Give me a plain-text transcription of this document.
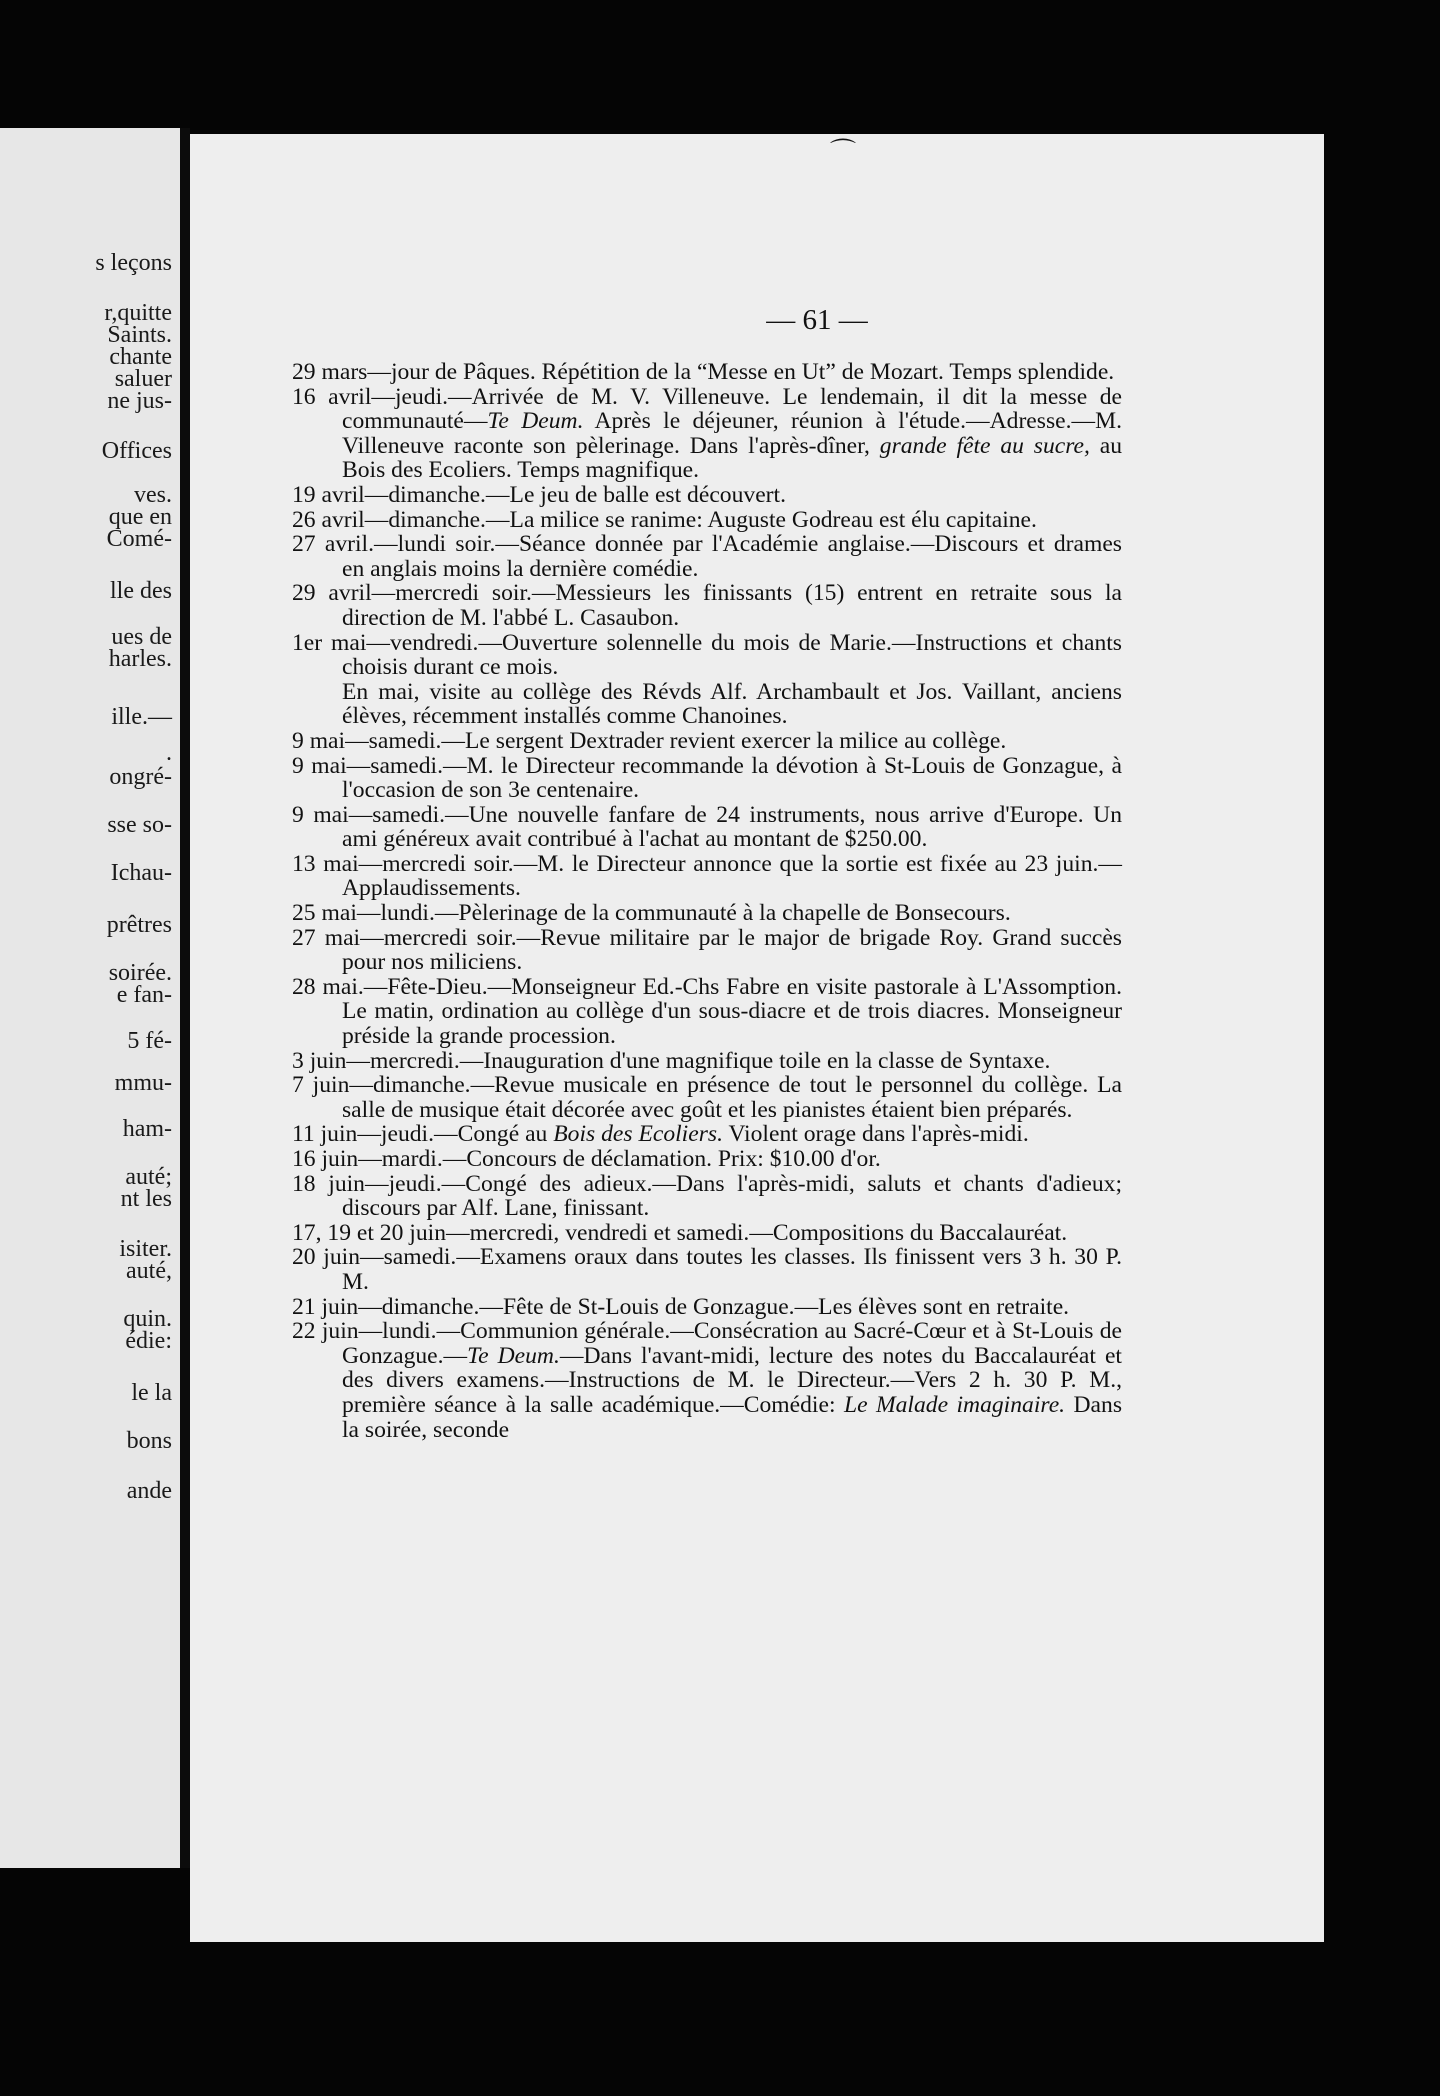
s leçons
r,quitte
Saints.
chante
saluer
ne jus-
Offices
ves.
que en
Comé-
lle des
ues de
harles.
ille.—
.
ongré-
sse so-
Ichau-
prêtres
soirée.
e fan-
5 fé-
mmu-
ham-
auté;
nt les
isiter.
auté,
quin.
édie:
le la
bons
ande
— 61 —

29 mars—jour de Pâques. Répétition de la “Messe en Ut” de Mozart. Temps splendide.

16 avril—jeudi.—Arrivée de M. V. Villeneuve. Le lendemain, il dit la messe de communauté—Te Deum. Après le déjeuner, réunion à l'étude.—Adresse.—M. Villeneuve raconte son pèlerinage. Dans l'après-dîner, grande fête au sucre, au Bois des Ecoliers. Temps magnifique.

19 avril—dimanche.—Le jeu de balle est découvert.

26 avril—dimanche.—La milice se ranime: Auguste Godreau est élu capitaine.

27 avril.—lundi soir.—Séance donnée par l'Académie anglaise.—Discours et drames en anglais moins la dernière comédie.

29 avril—mercredi soir.—Messieurs les finissants (15) entrent en retraite sous la direction de M. l'abbé L. Casaubon.

1er mai—vendredi.—Ouverture solennelle du mois de Marie.—Instructions et chants choisis durant ce mois.

En mai, visite au collège des Révds Alf. Archambault et Jos. Vaillant, anciens élèves, récemment installés comme Chanoines.

9 mai—samedi.—Le sergent Dextrader revient exercer la milice au collège.

9 mai—samedi.—M. le Directeur recommande la dévotion à St-Louis de Gonzague, à l'occasion de son 3e centenaire.

9 mai—samedi.—Une nouvelle fanfare de 24 instruments, nous arrive d'Europe. Un ami généreux avait contribué à l'achat au montant de $250.00.

13 mai—mercredi soir.—M. le Directeur annonce que la sortie est fixée au 23 juin.—Applaudissements.

25 mai—lundi.—Pèlerinage de la communauté à la chapelle de Bonsecours.

27 mai—mercredi soir.—Revue militaire par le major de brigade Roy. Grand succès pour nos miliciens.

28 mai.—Fête-Dieu.—Monseigneur Ed.-Chs Fabre en visite pastorale à L'Assomption. Le matin, ordination au collège d'un sous-diacre et de trois diacres. Monseigneur préside la grande procession.

3 juin—mercredi.—Inauguration d'une magnifique toile en la classe de Syntaxe.

7 juin—dimanche.—Revue musicale en présence de tout le personnel du collège. La salle de musique était décorée avec goût et les pianistes étaient bien préparés.

11 juin—jeudi.—Congé au Bois des Ecoliers. Violent orage dans l'après-midi.

16 juin—mardi.—Concours de déclamation. Prix: $10.00 d'or.

18 juin—jeudi.—Congé des adieux.—Dans l'après-midi, saluts et chants d'adieux; discours par Alf. Lane, finissant.

17, 19 et 20 juin—mercredi, vendredi et samedi.—Compositions du Baccalauréat.

20 juin—samedi.—Examens oraux dans toutes les classes. Ils finissent vers 3 h. 30 P. M.

21 juin—dimanche.—Fête de St-Louis de Gonzague.—Les élèves sont en retraite.

22 juin—lundi.—Communion générale.—Consécration au Sacré-Cœur et à St-Louis de Gonzague.—Te Deum.—Dans l'avant-midi, lecture des notes du Baccalauréat et des divers examens.—Instructions de M. le Directeur.—Vers 2 h. 30 P. M., première séance à la salle académique.—Comédie: Le Malade imaginaire. Dans la soirée, seconde

⌒
